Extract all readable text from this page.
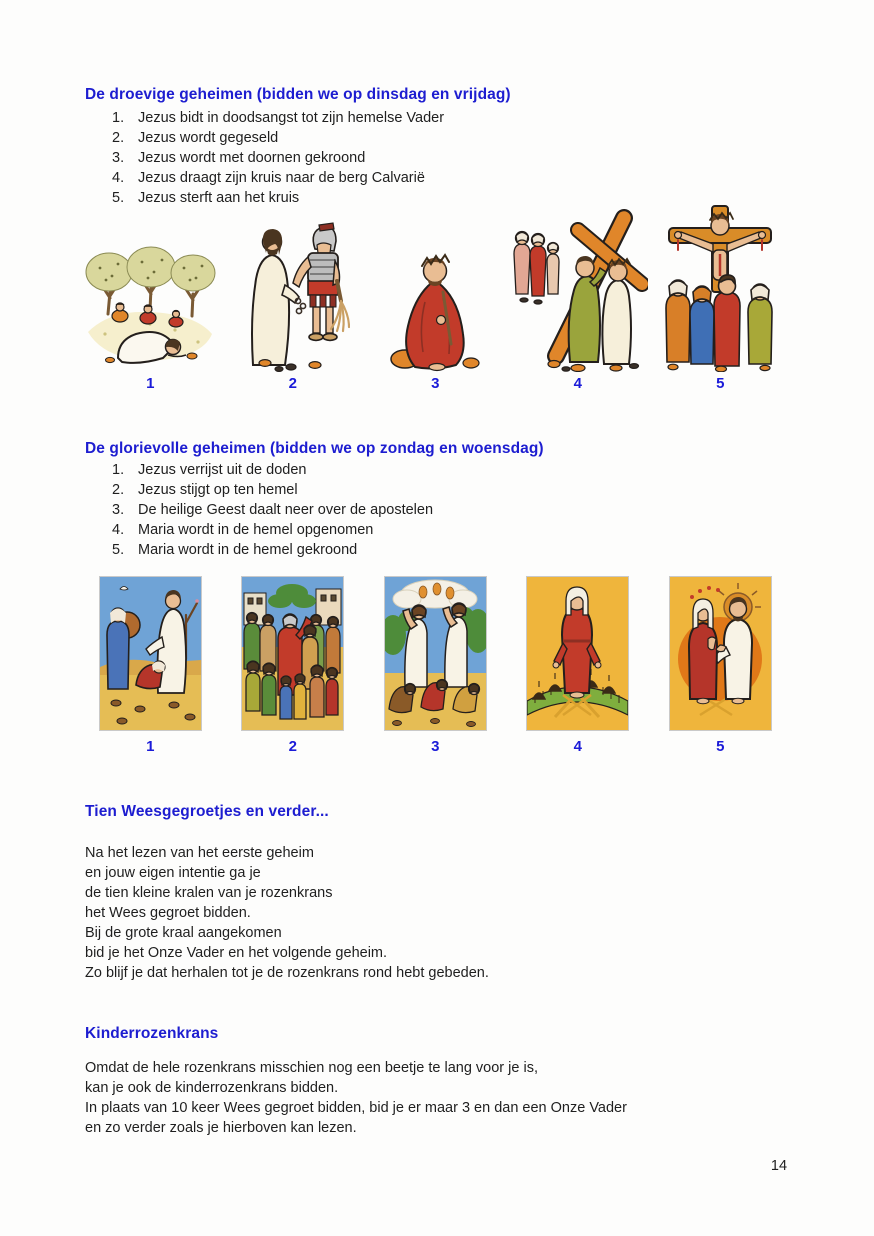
De droevige geheimen (bidden we op dinsdag en vrijdag)
1. Jezus bidt in doodsangst tot zijn hemelse Vader
2. Jezus wordt gegeseld
3. Jezus wordt met doornen gekroond
4. Jezus draagt zijn kruis naar de berg Calvarië
5. Jezus sterft aan het kruis
1	2	3	4	5
De glorievolle geheimen (bidden we op zondag en woensdag)
1. Jezus verrijst uit de doden
2. Jezus stijgt op ten hemel
3. De heilige Geest daalt neer over de apostelen
4. Maria wordt in de hemel opgenomen
5. Maria wordt in de hemel gekroond
1	2	3	4	5
Tien Weesgegroetjes en verder...
Na het lezen van het eerste geheim
en jouw eigen intentie ga je
de tien kleine kralen van je rozenkrans
het Wees gegroet bidden.
Bij de grote kraal aangekomen
bid je het Onze Vader en het volgende geheim.
Zo blijf je dat herhalen tot je de rozenkrans rond hebt gebeden.
Kinderrozenkrans
Omdat de hele rozenkrans misschien nog een beetje te lang voor je is,
kan je ook de kinderrozenkrans bidden.
In plaats van 10 keer Wees gegroet bidden, bid je er maar 3 en dan een Onze Vader
en zo verder zoals je hierboven kan lezen.
14
